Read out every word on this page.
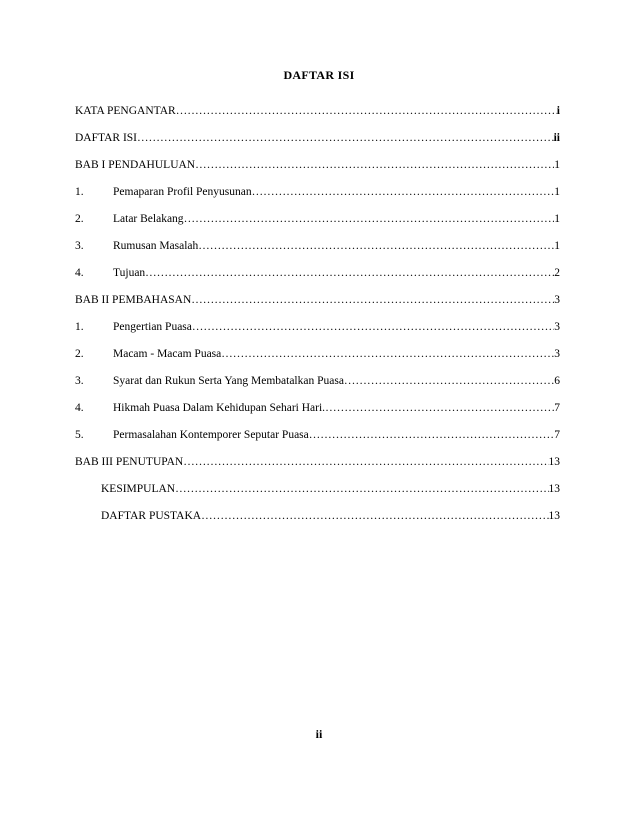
DAFTAR ISI
KATA PENGANTAR ……………………………………………………………………………………………………………………………………………………………………	i
DAFTAR ISI ……………………………………………………………………………………………………………………………………………………………………	ii
BAB I PENDAHULUAN ……………………………………………………………………………………………………………………………………………………………………	1
1.	Pemaparan Profil Penyusunan ……………………………………………………………………………………………………………………………………………………………………	1
2.	Latar Belakang ……………………………………………………………………………………………………………………………………………………………………	1
3.	Rumusan Masalah ……………………………………………………………………………………………………………………………………………………………………	1
4.	Tujuan ……………………………………………………………………………………………………………………………………………………………………	2
BAB II PEMBAHASAN ……………………………………………………………………………………………………………………………………………………………………	3
1.	Pengertian Puasa ……………………………………………………………………………………………………………………………………………………………………	3
2.	Macam - Macam Puasa ……………………………………………………………………………………………………………………………………………………………………	3
3.	Syarat dan Rukun Serta Yang Membatalkan Puasa ……………………………………………………………………………………………………………………………………………………………………	6
4.	Hikmah Puasa Dalam Kehidupan Sehari Hari. ……………………………………………………………………………………………………………………………………………………………………	7
5.	Permasalahan Kontemporer Seputar Puasa ……………………………………………………………………………………………………………………………………………………………………	7
BAB III PENUTUPAN ……………………………………………………………………………………………………………………………………………………………………	13
KESIMPULAN ……………………………………………………………………………………………………………………………………………………………………	13
DAFTAR PUSTAKA ……………………………………………………………………………………………………………………………………………………………………	13
ii
